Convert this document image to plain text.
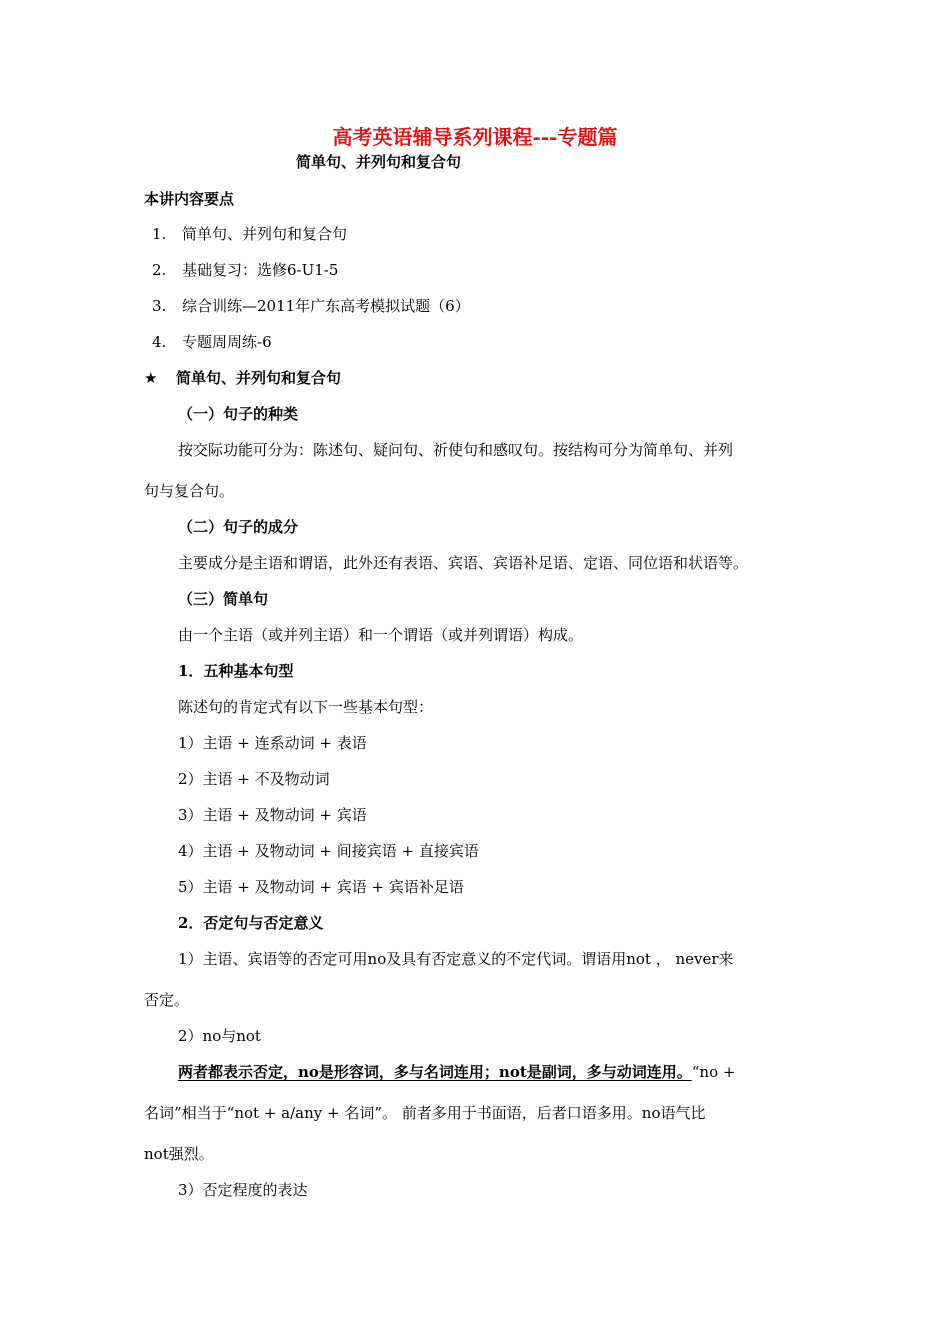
高考英语辅导系列课程---专题篇
简单句、并列句和复合句
本讲内容要点
1. 简单句、并列句和复合句
2. 基础复习：选修6-U1-5
3. 综合训练—2011年广东高考模拟试题（6）
4. 专题周周练-6
★ 简单句、并列句和复合句
（一）句子的种类
按交际功能可分为：陈述句、疑问句、祈使句和感叹句。按结构可分为简单句、并列
句与复合句。
（二）句子的成分
主要成分是主语和谓语，此外还有表语、宾语、宾语补足语、定语、同位语和状语等。
（三）简单句
由一个主语（或并列主语）和一个谓语（或并列谓语）构成。
1．五种基本句型
陈述句的肯定式有以下一些基本句型：
1）主语 + 连系动词 + 表语
2）主语 + 不及物动词
3）主语 + 及物动词 + 宾语
4）主语 + 及物动词 + 间接宾语 + 直接宾语
5）主语 + 及物动词 + 宾语 + 宾语补足语
2．否定句与否定意义
1）主语、宾语等的否定可用no及具有否定意义的不定代词。谓语用not ， never来
否定。
2）no与not
两者都表示否定，no是形容词，多与名词连用；not是副词，多与动词连用。“no +
名词”相当于“not + a/any + 名词”。 前者多用于书面语，后者口语多用。no语气比
not强烈。
3）否定程度的表达
